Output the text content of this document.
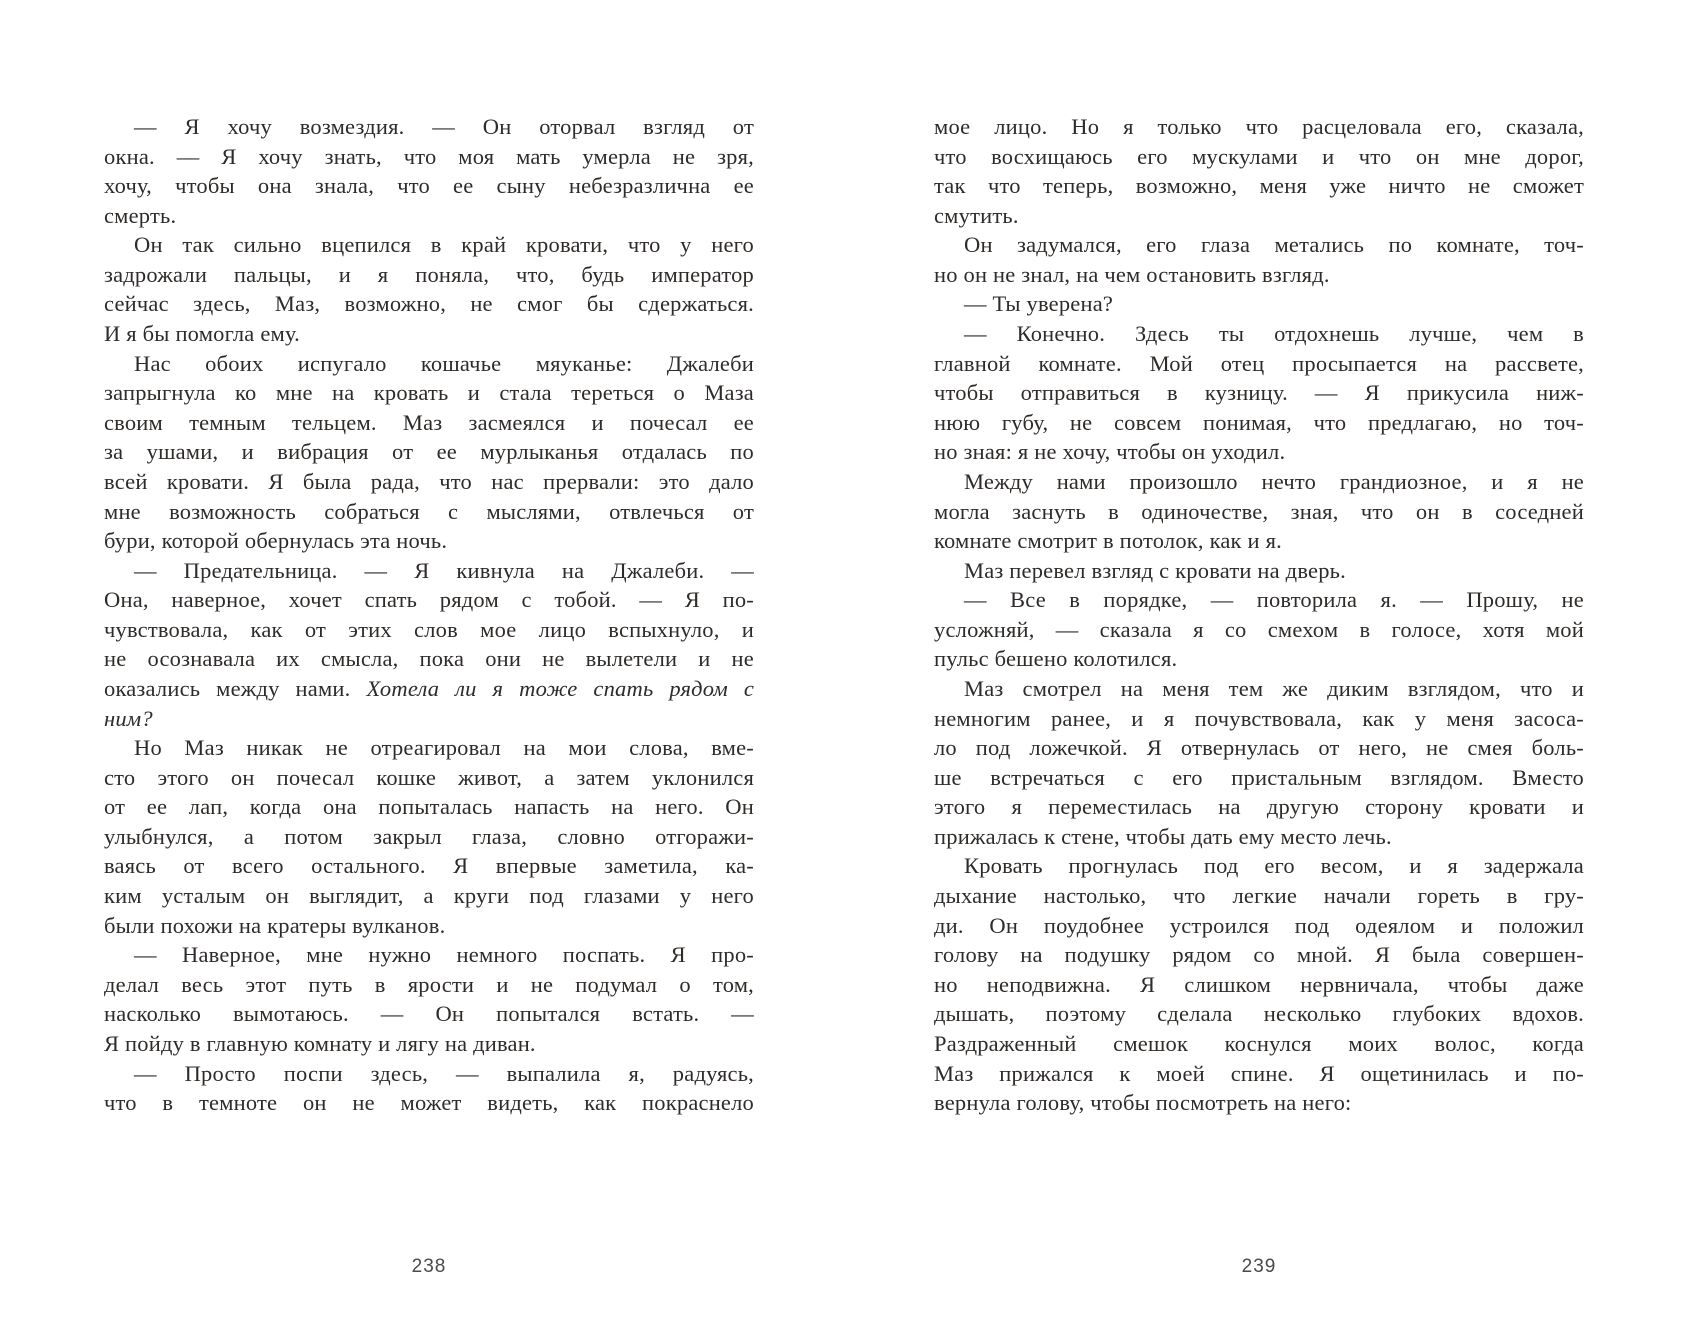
— Я хочу возмездия. — Он оторвал взгляд от
окна. — Я хочу знать, что моя мать умерла не зря,
хочу, чтобы она знала, что ее сыну небезразлична ее
смерть.
Он так сильно вцепился в край кровати, что у него
задрожали пальцы, и я поняла, что, будь император
сейчас здесь, Маз, возможно, не смог бы сдержаться.
И я бы помогла ему.
Нас обоих испугало кошачье мяуканье: Джалеби
запрыгнула ко мне на кровать и стала тереться о Маза
своим темным тельцем. Маз засмеялся и почесал ее
за ушами, и вибрация от ее мурлыканья отдалась по
всей кровати. Я была рада, что нас прервали: это дало
мне возможность собраться с мыслями, отвлечься от
бури, которой обернулась эта ночь.
— Предательница. — Я кивнула на Джалеби. —
Она, наверное, хочет спать рядом с тобой. — Я по-
чувствовала, как от этих слов мое лицо вспыхнуло, и
не осознавала их смысла, пока они не вылетели и не
оказались между нами. Хотела ли я тоже спать рядом с
ним?
Но Маз никак не отреагировал на мои слова, вме-
сто этого он почесал кошке живот, а затем уклонился
от ее лап, когда она попыталась напасть на него. Он
улыбнулся, а потом закрыл глаза, словно отгоражи-
ваясь от всего остального. Я впервые заметила, ка-
ким усталым он выглядит, а круги под глазами у него
были похожи на кратеры вулканов.
— Наверное, мне нужно немного поспать. Я про-
делал весь этот путь в ярости и не подумал о том,
насколько вымотаюсь. — Он попытался встать. —
Я пойду в главную комнату и лягу на диван.
— Просто поспи здесь, — выпалила я, радуясь,
что в темноте он не может видеть, как покраснело
238
мое лицо. Но я только что расцеловала его, сказала,
что восхищаюсь его мускулами и что он мне дорог,
так что теперь, возможно, меня уже ничто не сможет
смутить.
Он задумался, его глаза метались по комнате, точ-
но он не знал, на чем остановить взгляд.
— Ты уверена?
— Конечно. Здесь ты отдохнешь лучше, чем в
главной комнате. Мой отец просыпается на рассвете,
чтобы отправиться в кузницу. — Я прикусила ниж-
нюю губу, не совсем понимая, что предлагаю, но точ-
но зная: я не хочу, чтобы он уходил.
Между нами произошло нечто грандиозное, и я не
могла заснуть в одиночестве, зная, что он в соседней
комнате смотрит в потолок, как и я.
Маз перевел взгляд с кровати на дверь.
— Все в порядке, — повторила я. — Прошу, не
усложняй, — сказала я со смехом в голосе, хотя мой
пульс бешено колотился.
Маз смотрел на меня тем же диким взглядом, что и
немногим ранее, и я почувствовала, как у меня засоса-
ло под ложечкой. Я отвернулась от него, не смея боль-
ше встречаться с его пристальным взглядом. Вместо
этого я переместилась на другую сторону кровати и
прижалась к стене, чтобы дать ему место лечь.
Кровать прогнулась под его весом, и я задержала
дыхание настолько, что легкие начали гореть в гру-
ди. Он поудобнее устроился под одеялом и положил
голову на подушку рядом со мной. Я была совершен-
но неподвижна. Я слишком нервничала, чтобы даже
дышать, поэтому сделала несколько глубоких вдохов.
Раздраженный смешок коснулся моих волос, когда
Маз прижался к моей спине. Я ощетинилась и по-
вернула голову, чтобы посмотреть на него:
239
